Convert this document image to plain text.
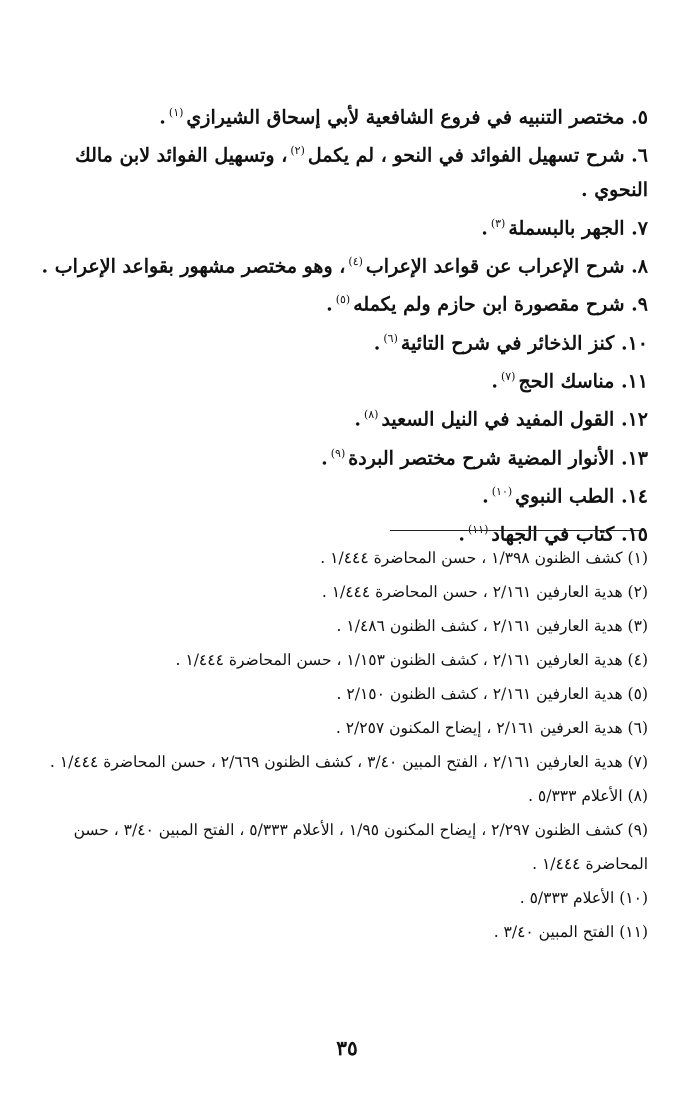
٥. مختصر التنبيه في فروع الشافعية لأبي إسحاق الشيرازي$^{(١)}$.
٦. شرح تسهيل الفوائد في النحو ، لم يكمل$^{(٢)}$، وتسهيل الفوائد لابن مالك النحوي .
٧. الجهر بالبسملة$^{(٣)}$.
٨. شرح الإعراب عن قواعد الإعراب$^{(٤)}$، وهو مختصر مشهور بقواعد الإعراب .
٩. شرح مقصورة ابن حازم ولم يكمله$^{(٥)}$.
١٠. كنز الذخائر في شرح التائية$^{(٦)}$.
١١. مناسك الحج$^{(٧)}$.
١٢. القول المفيد في النيل السعيد$^{(٨)}$.
١٣. الأنوار المضية شرح مختصر البردة$^{(٩)}$.
١٤. الطب النبوي$^{(١٠)}$.
١٥. كتاب في الجهاد$^{(١١)}$.
(١) كشف الظنون ١/٣٩٨ ، حسن المحاضرة ١/٤٤٤ .
(٢) هدية العارفين ٢/١٦١ ، حسن المحاضرة ١/٤٤٤ .
(٣) هدية العارفين ٢/١٦١ ، كشف الظنون ١/٤٨٦ .
(٤) هدية العارفين ٢/١٦١ ، كشف الظنون ١/١٥٣ ، حسن المحاضرة ١/٤٤٤ .
(٥) هدية العارفين ٢/١٦١ ، كشف الظنون ٢/١٥٠ .
(٦) هدية العرفين ٢/١٦١ ، إيضاح المكنون ٢/٢٥٧ .
(٧) هدية العارفين ٢/١٦١ ، الفتح المبين ٣/٤٠ ، كشف الظنون ٢/٦٦٩ ، حسن المحاضرة ١/٤٤٤ .
(٨) الأعلام ٥/٣٣٣ .
(٩) كشف الظنون ٢/٢٩٧ ، إيضاح المكنون ١/٩٥ ، الأعلام ٥/٣٣٣ ، الفتح المبين ٣/٤٠ ، حسن المحاضرة ١/٤٤٤ .
(١٠) الأعلام ٥/٣٣٣ .
(١١) الفتح المبين ٣/٤٠ .
٣٥
